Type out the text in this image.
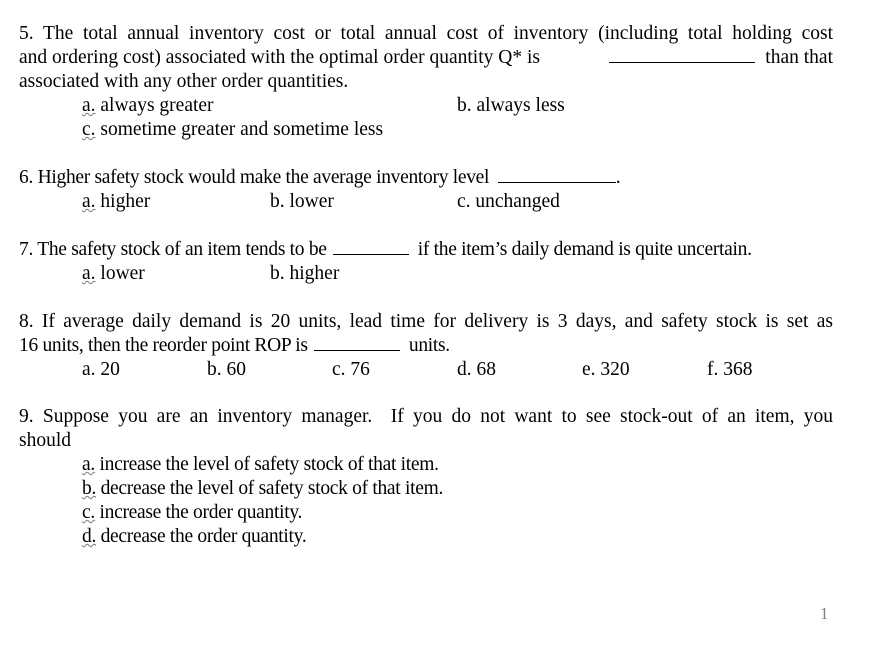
5. The total annual inventory cost or total annual cost of inventory (including total holding cost
and ordering cost) associated with the optimal order quantity Q* is	than that
associated with any other order quantities.
a. always greater	b. always less
c. sometime greater and sometime less
6. Higher safety stock would make the average inventory level	.
a. higher	b. lower	c. unchanged
7. The safety stock of an item tends to be	if the item’s daily demand is quite uncertain.
a. lower	b. higher
8. If average daily demand is 20 units, lead time for delivery is 3 days, and safety stock is set as
16 units, then the reorder point ROP is	units.
a. 20	b. 60	c. 76	d. 68	e. 320	f. 368
9. Suppose you are an inventory manager.  If you do not want to see stock-out of an item, you
should
a. increase the level of safety stock of that item.
b. decrease the level of safety stock of that item.
c. increase the order quantity.
d. decrease the order quantity.
1
